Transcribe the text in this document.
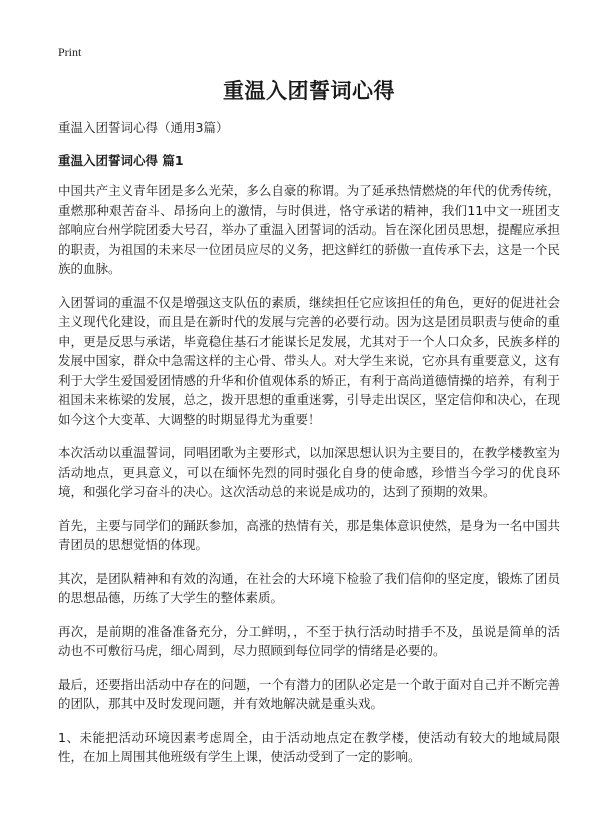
Print
重温入团誓词心得
重温入团誓词心得（通用3篇）
重温入团誓词心得 篇1

中国共产主义青年团是多么光荣，多么自豪的称谓。为了延承热情燃烧的年代的优秀传统，重燃那种艰苦奋斗、昂扬向上的激情，与时俱进，恪守承诺的精神，我们11中文一班团支部响应台州学院团委大号召，举办了重温入团誓词的活动。旨在深化团员思想，提醒应承担的职责，为祖国的未来尽一位团员应尽的义务，把这鲜红的骄傲一直传承下去，这是一个民族的血脉。

入团誓词的重温不仅是增强这支队伍的素质，继续担任它应该担任的角色，更好的促进社会主义现代化建设，而且是在新时代的发展与完善的必要行动。因为这是团员职责与使命的重申，更是反思与承诺，毕竟稳住基石才能谋长足发展，尤其对于一个人口众多，民族多样的发展中国家，群众中急需这样的主心骨、带头人。对大学生来说，它亦具有重要意义，这有利于大学生爱国爱团情感的升华和价值观体系的矫正，有利于高尚道德情操的培养，有利于祖国未来栋梁的发展，总之，拨开思想的重重迷雾，引导走出误区，坚定信仰和决心，在现如今这个大变革、大调整的时期显得尤为重要！

本次活动以重温誓词，同唱团歌为主要形式，以加深思想认识为主要目的，在教学楼教室为活动地点，更具意义，可以在缅怀先烈的同时强化自身的使命感，珍惜当今学习的优良环境，和强化学习奋斗的决心。这次活动总的来说是成功的，达到了预期的效果。

首先，主要与同学们的踊跃参加，高涨的热情有关，那是集体意识使然，是身为一名中国共青团员的思想觉悟的体现。

其次，是团队精神和有效的沟通，在社会的大环境下检验了我们信仰的坚定度，锻炼了团员的思想品德，历练了大学生的整体素质。

再次，是前期的准备准备充分，分工鲜明，，不至于执行活动时措手不及，虽说是简单的活动也不可敷衍马虎，细心周到，尽力照顾到每位同学的情绪是必要的。

最后，还要指出活动中存在的问题，一个有潜力的团队必定是一个敢于面对自己并不断完善的团队，那其中及时发现问题，并有效地解决就是重头戏。

1、未能把活动环境因素考虑周全，由于活动地点定在教学楼，使活动有较大的地域局限性，在加上周围其他班级有学生上课，使活动受到了一定的影响。
